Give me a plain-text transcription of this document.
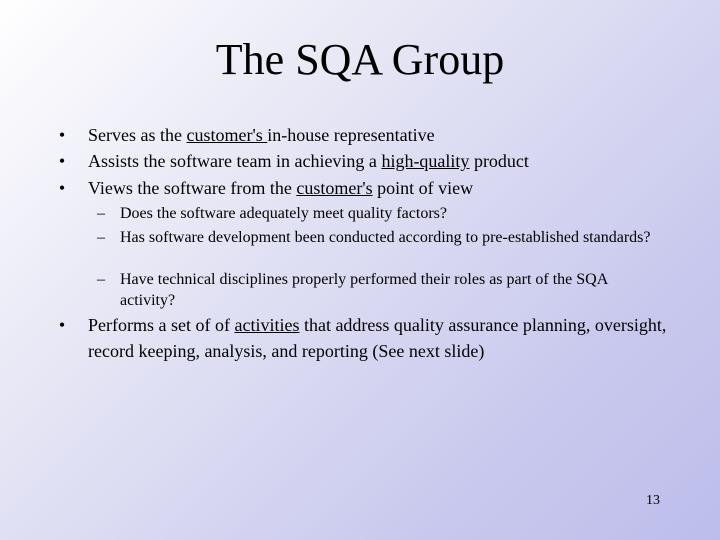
The SQA Group
• Serves as the customer's in-house representative
• Assists the software team in achieving a high-quality product
• Views the software from the customer's point of view
– Does the software adequately meet quality factors?
– Has software development been conducted according to pre-established standards?
– Have technical disciplines properly performed their roles as part of the SQA activity?
• Performs a set of of activities that address quality assurance planning, oversight, record keeping, analysis, and reporting (See next slide)
13
